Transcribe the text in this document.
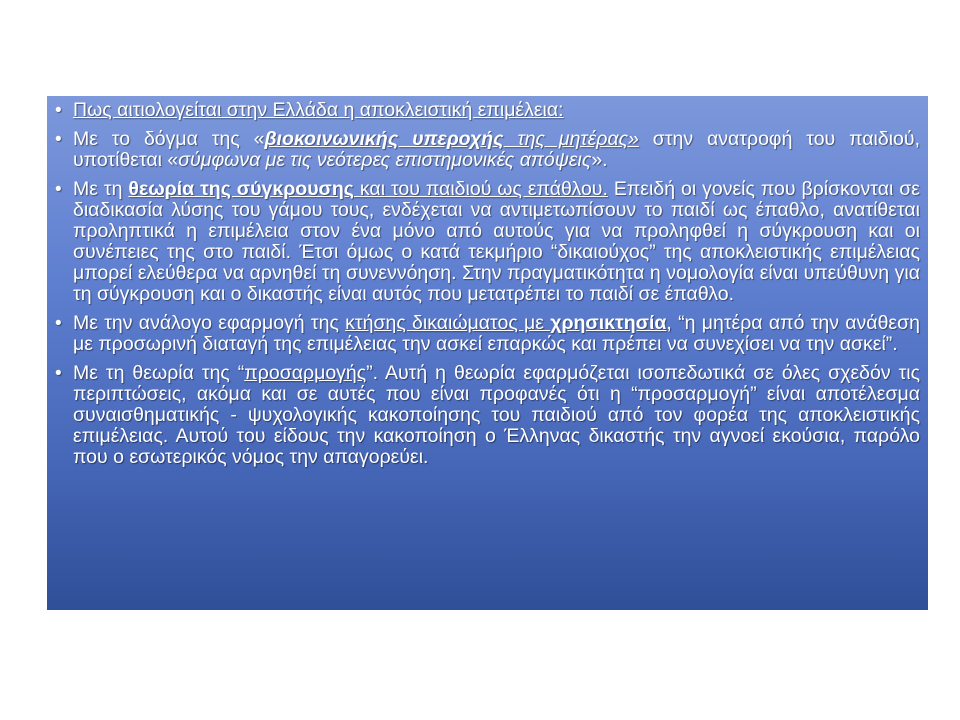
• Πως αιτιολογείται στην Ελλάδα η αποκλειστική επιμέλεια:
• Με το δόγμα της «βιοκοινωνικής υπεροχής της μητέρας» στην ανατροφή του παιδιού, υποτίθεται «σύμφωνα με τις νεότερες επιστημονικές απόψεις».
• Με τη θεωρία της σύγκρουσης και του παιδιού ως επάθλου. Επειδή οι γονείς που βρίσκονται σε διαδικασία λύσης του γάμου τους, ενδέχεται να αντιμετωπίσουν το παιδί ως έπαθλο, ανατίθεται προληπτικά η επιμέλεια στον ένα μόνο από αυτούς για να προληφθεί η σύγκρουση και οι συνέπειες της στο παιδί. Έτσι όμως ο κατά τεκμήριο “δικαιούχος” της αποκλειστικής επιμέλειας μπορεί ελεύθερα να αρνηθεί τη συνεννόηση. Στην πραγματικότητα η νομολογία είναι υπεύθυνη για τη σύγκρουση και ο δικαστής είναι αυτός που μετατρέπει το παιδί σε έπαθλο.
• Με την ανάλογο εφαρμογή της κτήσης δικαιώματος με χρησικτησία, “η μητέρα από την ανάθεση με προσωρινή διαταγή της επιμέλειας την ασκεί επαρκώς και πρέπει να συνεχίσει να την ασκεί”.
• Με τη θεωρία της “προσαρμογής”. Αυτή η θεωρία εφαρμόζεται ισοπεδωτικά σε όλες σχεδόν τις περιπτώσεις, ακόμα και σε αυτές που είναι προφανές ότι η “προσαρμογή” είναι αποτέλεσμα συναισθηματικής - ψυχολογικής κακοποίησης του παιδιού από τον φορέα της αποκλειστικής επιμέλειας. Αυτού του είδους την κακοποίηση ο Έλληνας δικαστής την αγνοεί εκούσια, παρόλο που ο εσωτερικός νόμος την απαγορεύει.
